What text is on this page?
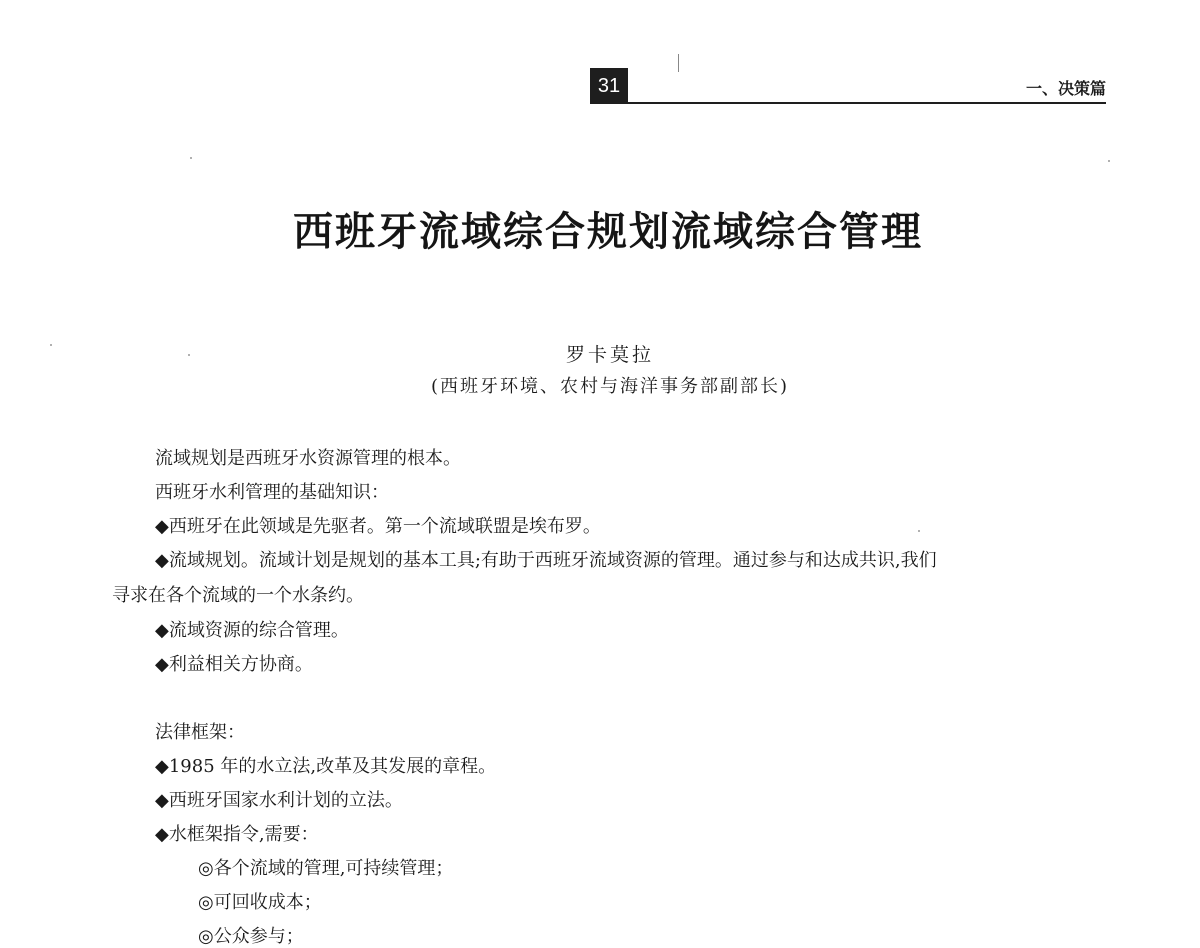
31	一、决策篇
西班牙流域综合规划流域综合管理
罗卡莫拉
(西班牙环境、农村与海洋事务部副部长)
流域规划是西班牙水资源管理的根本。
西班牙水利管理的基础知识：
◆西班牙在此领域是先驱者。第一个流域联盟是埃布罗。
◆流域规划。流域计划是规划的基本工具;有助于西班牙流域资源的管理。通过参与和达成共识,我们
寻求在各个流域的一个水条约。
◆流域资源的综合管理。
◆利益相关方协商。
法律框架：
◆1985 年的水立法,改革及其发展的章程。
◆西班牙国家水利计划的立法。
◆水框架指令,需要：
◎各个流域的管理,可持续管理；
◎可回收成本；
◎公众参与；
